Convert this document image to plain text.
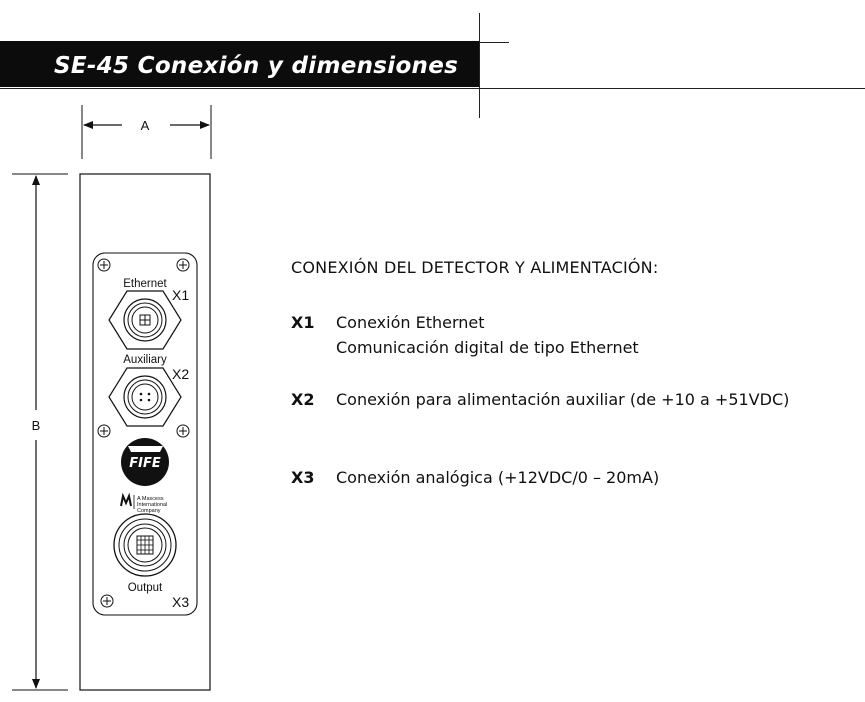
SE-45 Conexión y dimensiones
A
B
Ethernet
X1
Auxiliary
X2
FIFE
A Maxcess
International
Company
Output
X3

CONEXIÓN DEL DETECTOR Y ALIMENTACIÓN:

X1 Conexión Ethernet
Comunicación digital de tipo Ethernet
X2 Conexión para alimentación auxiliar (de +10 a +51VDC)
X3 Conexión analógica (+12VDC/0 – 20mA)
